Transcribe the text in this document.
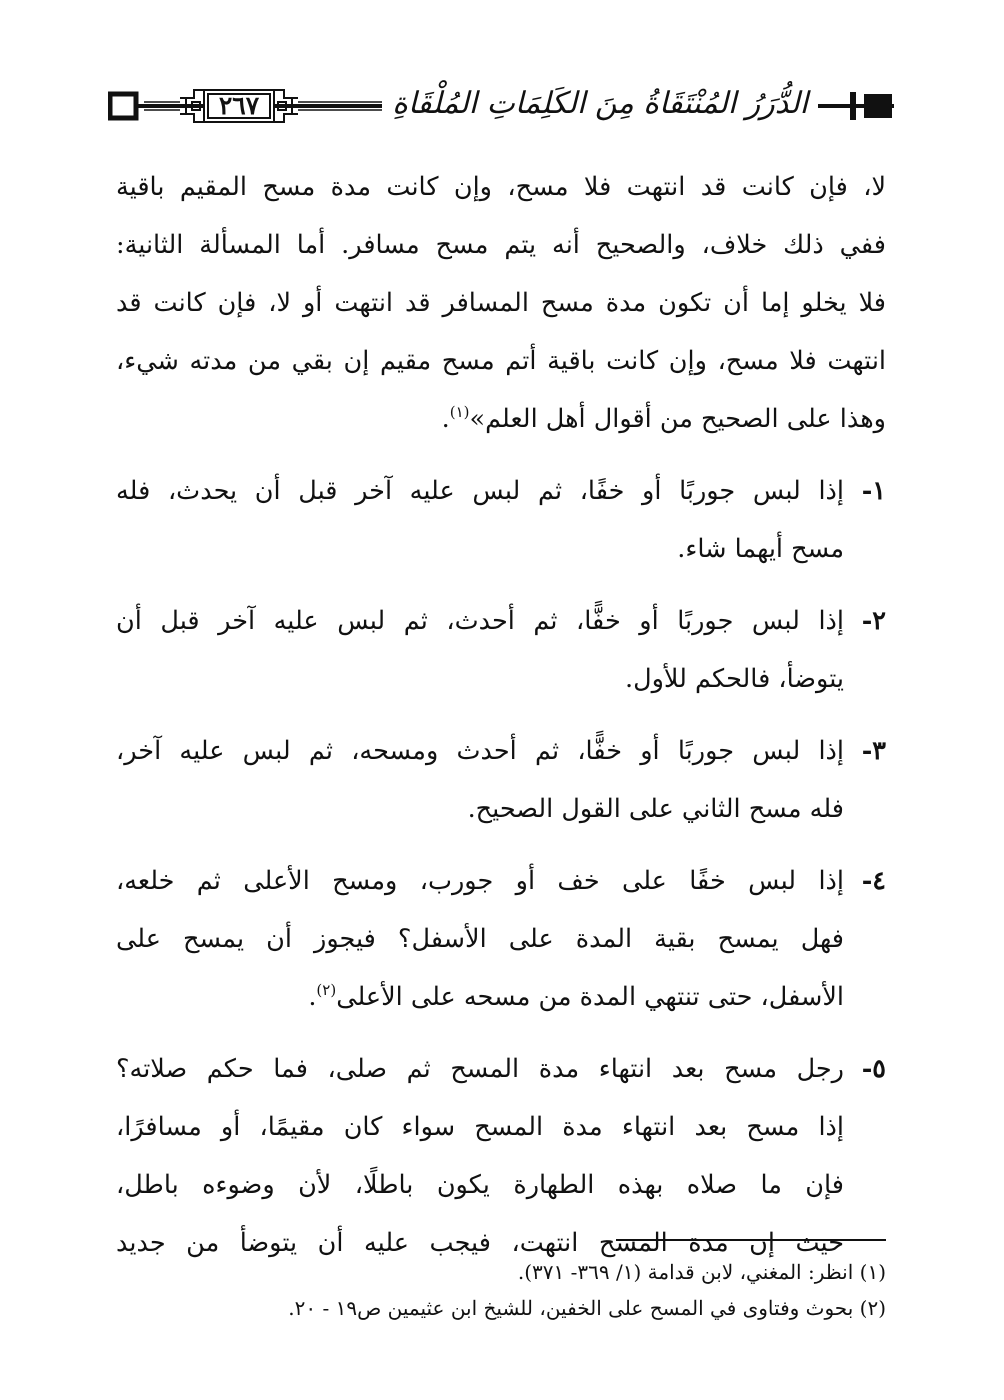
٢٦٧	الدُّرَرُ المُنْتَقَاةُ مِنَ الكَلِمَاتِ المُلْقَاةِ
لا، فإن كانت قد انتهت فلا مسح، وإن كانت مدة مسح المقيم باقية
ففي ذلك خلاف، والصحيح أنه يتم مسح مسافر. أما المسألة الثانية:
فلا يخلو إما أن تكون مدة مسح المسافر قد انتهت أو لا، فإن كانت قد
انتهت فلا مسح، وإن كانت باقية أتم مسح مقيم إن بقي من مدته شيء،
وهذا على الصحيح من أقوال أهل العلم»$^{(١)}$.
١-
إذا لبس جوربًا أو خفًا، ثم لبس عليه آخر قبل أن يحدث، فله
مسح أيهما شاء.
٢-
إذا لبس جوربًا أو خفًّا، ثم أحدث، ثم لبس عليه آخر قبل أن
يتوضأ، فالحكم للأول.
٣-
إذا لبس جوربًا أو خفًّا، ثم أحدث ومسحه، ثم لبس عليه آخر،
فله مسح الثاني على القول الصحيح.
٤-
إذا لبس خفًا على خف أو جورب، ومسح الأعلى ثم خلعه،
فهل يمسح بقية المدة على الأسفل؟ فيجوز أن يمسح على
الأسفل، حتى تنتهي المدة من مسحه على الأعلى$^{(٢)}$.
٥-
رجل مسح بعد انتهاء مدة المسح ثم صلى، فما حكم صلاته؟
إذا مسح بعد انتهاء مدة المسح سواء كان مقيمًا، أو مسافرًا،
فإن ما صلاه بهذه الطهارة يكون باطلًا، لأن وضوءه باطل،
حيث إن مدة المسح انتهت، فيجب عليه أن يتوضأ من جديد
(١) انظر: المغني، لابن قدامة (١/ ٣٦٩- ٣٧١).
(٢) بحوث وفتاوى في المسح على الخفين، للشيخ ابن عثيمين ص١٩ - ٢٠.
